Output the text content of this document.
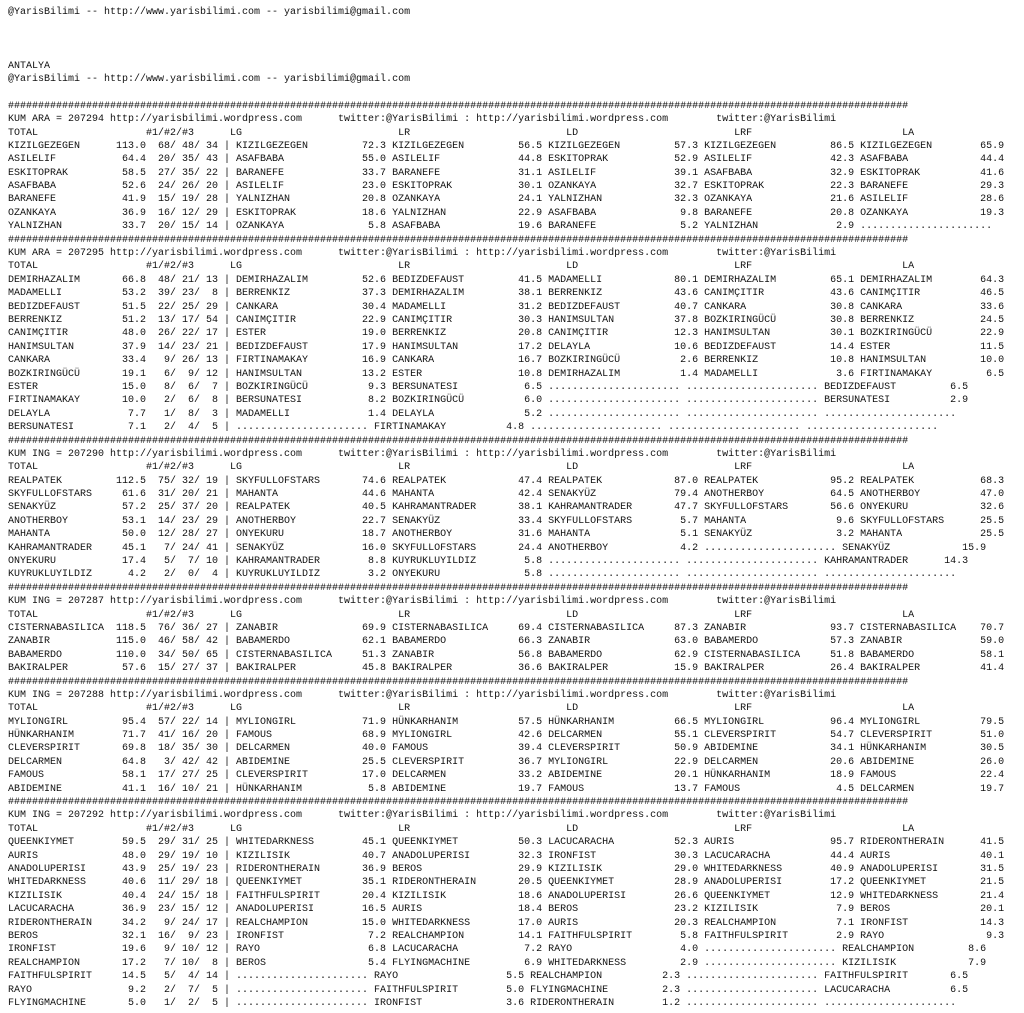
@YarisBilimi -- http://www.yarisbilimi.com -- yarisbilimi@gmail.com

ANTALYA
@YarisBilimi -- http://www.yarisbilimi.com -- yarisbilimi@gmail.com

######################################################################################################################################################
KUM ARA = 207294 http://yarisbilimi.wordpress.com      twitter:@YarisBilimi : http://yarisbilimi.wordpress.com        twitter:@YarisBilimi
TOTAL                  #1/#2/#3      LG                          LR                          LD                          LRF                         LA
KIZILGEZEGEN      113.0  68/ 48/ 34 | KIZILGEZEGEN         72.3 KIZILGEZEGEN         56.5 KIZILGEZEGEN         57.3 KIZILGEZEGEN         86.5 KIZILGEZEGEN        65.9
ASILELIF           64.4  20/ 35/ 43 | ASAFBABA             55.0 ASILELIF             44.8 ESKITOPRAK           52.9 ASILELIF             42.3 ASAFBABA            44.4
ESKITOPRAK         58.5  27/ 35/ 22 | BARANEFE             33.7 BARANEFE             31.1 ASILELIF             39.1 ASAFBABA             32.9 ESKITOPRAK          41.6
ASAFBABA           52.6  24/ 26/ 20 | ASILELIF             23.0 ESKITOPRAK           30.1 OZANKAYA             32.7 ESKITOPRAK           22.3 BARANEFE            29.3
BARANEFE           41.9  15/ 19/ 28 | YALNIZHAN            20.8 OZANKAYA             24.1 YALNIZHAN            32.3 OZANKAYA             21.6 ASILELIF            28.6
OZANKAYA           36.9  16/ 12/ 29 | ESKITOPRAK           18.6 YALNIZHAN            22.9 ASAFBABA              9.8 BARANEFE             20.8 OZANKAYA            19.3
YALNIZHAN          33.7  20/ 15/ 14 | OZANKAYA              5.8 ASAFBABA             19.6 BARANEFE              5.2 YALNIZHAN             2.9 ......................
######################################################################################################################################################
KUM ARA = 207295 http://yarisbilimi.wordpress.com      twitter:@YarisBilimi : http://yarisbilimi.wordpress.com        twitter:@YarisBilimi
TOTAL                  #1/#2/#3      LG                          LR                          LD                          LRF                         LA
DEMIRHAZALIM       66.8  48/ 21/ 13 | DEMIRHAZALIM         52.6 BEDIZDEFAUST         41.5 MADAMELLI            80.1 DEMIRHAZALIM         65.1 DEMIRHAZALIM        64.3
MADAMELLI          53.2  39/ 23/  8 | BERRENKIZ            37.3 DEMIRHAZALIM         38.1 BERRENKIZ            43.6 CANIMÇITIR           43.6 CANIMÇITIR          46.5
BEDIZDEFAUST       51.5  22/ 25/ 29 | CANKARA              30.4 MADAMELLI            31.2 BEDIZDEFAUST         40.7 CANKARA              30.8 CANKARA             33.6
BERRENKIZ          51.2  13/ 17/ 54 | CANIMÇITIR           22.9 CANIMÇITIR           30.3 HANIMSULTAN          37.8 BOZKIRINGÜCÜ         30.8 BERRENKIZ           24.5
CANIMÇITIR         48.0  26/ 22/ 17 | ESTER                19.0 BERRENKIZ            20.8 CANIMÇITIR           12.3 HANIMSULTAN          30.1 BOZKIRINGÜCÜ        22.9
HANIMSULTAN        37.9  14/ 23/ 21 | BEDIZDEFAUST         17.9 HANIMSULTAN          17.2 DELAYLA              10.6 BEDIZDEFAUST         14.4 ESTER               11.5
CANKARA            33.4   9/ 26/ 13 | FIRTINAMAKAY         16.9 CANKARA              16.7 BOZKIRINGÜCÜ          2.6 BERRENKIZ            10.8 HANIMSULTAN         10.0
BOZKIRINGÜCÜ       19.1   6/  9/ 12 | HANIMSULTAN          13.2 ESTER                10.8 DEMIRHAZALIM          1.4 MADAMELLI             3.6 FIRTINAMAKAY         6.5
ESTER              15.0   8/  6/  7 | BOZKIRINGÜCÜ          9.3 BERSUNATESI           6.5 ...................... ...................... BEDIZDEFAUST         6.5
FIRTINAMAKAY       10.0   2/  6/  8 | BERSUNATESI           8.2 BOZKIRINGÜCÜ          6.0 ...................... ...................... BERSUNATESI          2.9
DELAYLA             7.7   1/  8/  3 | MADAMELLI             1.4 DELAYLA               5.2 ...................... ...................... ......................
BERSUNATESI         7.1   2/  4/  5 | ...................... FIRTINAMAKAY          4.8 ...................... ...................... ......................
######################################################################################################################################################
KUM ING = 207290 http://yarisbilimi.wordpress.com      twitter:@YarisBilimi : http://yarisbilimi.wordpress.com        twitter:@YarisBilimi
TOTAL                  #1/#2/#3      LG                          LR                          LD                          LRF                         LA
REALPATEK         112.5  75/ 32/ 19 | SKYFULLOFSTARS       74.6 REALPATEK            47.4 REALPATEK            87.0 REALPATEK            95.2 REALPATEK           68.3
SKYFULLOFSTARS     61.6  31/ 20/ 21 | MAHANTA              44.6 MAHANTA              42.4 SENAKYÜZ             79.4 ANOTHERBOY           64.5 ANOTHERBOY          47.0
SENAKYÜZ           57.2  25/ 37/ 20 | REALPATEK            40.5 KAHRAMANTRADER       38.1 KAHRAMANTRADER       47.7 SKYFULLOFSTARS       56.6 ONYEKURU            32.6
ANOTHERBOY         53.1  14/ 23/ 29 | ANOTHERBOY           22.7 SENAKYÜZ             33.4 SKYFULLOFSTARS        5.7 MAHANTA               9.6 SKYFULLOFSTARS      25.5
MAHANTA            50.0  12/ 28/ 27 | ONYEKURU             18.7 ANOTHERBOY           31.6 MAHANTA               5.1 SENAKYÜZ              3.2 MAHANTA             25.5
KAHRAMANTRADER     45.1   7/ 24/ 41 | SENAKYÜZ             16.0 SKYFULLOFSTARS       24.4 ANOTHERBOY            4.2 ...................... SENAKYÜZ            15.9
ONYEKURU           17.4   5/  7/ 10 | KAHRAMANTRADER        8.8 KUYRUKLUYILDIZ        5.8 ...................... ...................... KAHRAMANTRADER      14.3
KUYRUKLUYILDIZ      4.2   2/  0/  4 | KUYRUKLUYILDIZ        3.2 ONYEKURU              5.8 ...................... ...................... ......................
######################################################################################################################################################
KUM ING = 207287 http://yarisbilimi.wordpress.com      twitter:@YarisBilimi : http://yarisbilimi.wordpress.com        twitter:@YarisBilimi
TOTAL                  #1/#2/#3      LG                          LR                          LD                          LRF                         LA
CISTERNABASILICA  118.5  76/ 36/ 27 | ZANABIR              69.9 CISTERNABASILICA     69.4 CISTERNABASILICA     87.3 ZANABIR              93.7 CISTERNABASILICA    70.7
ZANABIR           115.0  46/ 58/ 42 | BABAMERDO            62.1 BABAMERDO            66.3 ZANABIR              63.0 BABAMERDO            57.3 ZANABIR             59.0
BABAMERDO         110.0  34/ 50/ 65 | CISTERNABASILICA     51.3 ZANABIR              56.8 BABAMERDO            62.9 CISTERNABASILICA     51.8 BABAMERDO           58.1
BAKIRALPER         57.6  15/ 27/ 37 | BAKIRALPER           45.8 BAKIRALPER           36.6 BAKIRALPER           15.9 BAKIRALPER           26.4 BAKIRALPER          41.4
######################################################################################################################################################
KUM ING = 207288 http://yarisbilimi.wordpress.com      twitter:@YarisBilimi : http://yarisbilimi.wordpress.com        twitter:@YarisBilimi
TOTAL                  #1/#2/#3      LG                          LR                          LD                          LRF                         LA
MYLIONGIRL         95.4  57/ 22/ 14 | MYLIONGIRL           71.9 HÜNKARHANIM          57.5 HÜNKARHANIM          66.5 MYLIONGIRL           96.4 MYLIONGIRL          79.5
HÜNKARHANIM        71.7  41/ 16/ 20 | FAMOUS               68.9 MYLIONGIRL           42.6 DELCARMEN            55.1 CLEVERSPIRIT         54.7 CLEVERSPIRIT        51.0
CLEVERSPIRIT       69.8  18/ 35/ 30 | DELCARMEN            40.0 FAMOUS               39.4 CLEVERSPIRIT         50.9 ABIDEMINE            34.1 HÜNKARHANIM         30.5
DELCARMEN          64.8   3/ 42/ 42 | ABIDEMINE            25.5 CLEVERSPIRIT         36.7 MYLIONGIRL           22.9 DELCARMEN            20.6 ABIDEMINE           26.0
FAMOUS             58.1  17/ 27/ 25 | CLEVERSPIRIT         17.0 DELCARMEN            33.2 ABIDEMINE            20.1 HÜNKARHANIM          18.9 FAMOUS              22.4
ABIDEMINE          41.1  16/ 10/ 21 | HÜNKARHANIM           5.8 ABIDEMINE            19.7 FAMOUS               13.7 FAMOUS                4.5 DELCARMEN           19.7
######################################################################################################################################################
KUM ING = 207292 http://yarisbilimi.wordpress.com      twitter:@YarisBilimi : http://yarisbilimi.wordpress.com        twitter:@YarisBilimi
TOTAL                  #1/#2/#3      LG                          LR                          LD                          LRF                         LA
QUEENKIYMET        59.5  29/ 31/ 25 | WHITEDARKNESS        45.1 QUEENKIYMET          50.3 LACUCARACHA          52.3 AURIS                95.7 RIDERONTHERAIN      41.5
AURIS              48.0  29/ 19/ 10 | KIZILISIK            40.7 ANADOLUPERISI        32.3 IRONFIST             30.3 LACUCARACHA          44.4 AURIS               40.1
ANADOLUPERISI      43.9  25/ 19/ 23 | RIDERONTHERAIN       36.9 BEROS                29.9 KIZILISIK            29.0 WHITEDARKNESS        40.9 ANADOLUPERISI       31.5
WHITEDARKNESS      40.6  11/ 29/ 18 | QUEENKIYMET          35.1 RIDERONTHERAIN       20.5 QUEENKIYMET          28.9 ANADOLUPERISI        17.2 QUEENKIYMET         21.5
KIZILISIK          40.4  24/ 15/ 18 | FAITHFULSPIRIT       20.4 KIZILISIK            18.6 ANADOLUPERISI        26.6 QUEENKIYMET          12.9 WHITEDARKNESS       21.4
LACUCARACHA        36.9  23/ 15/ 12 | ANADOLUPERISI        16.5 AURIS                18.4 BEROS                23.2 KIZILISIK             7.9 BEROS               20.1
RIDERONTHERAIN     34.2   9/ 24/ 17 | REALCHAMPION         15.0 WHITEDARKNESS        17.0 AURIS                20.3 REALCHAMPION          7.1 IRONFIST            14.3
BEROS              32.1  16/  9/ 23 | IRONFIST              7.2 REALCHAMPION         14.1 FAITHFULSPIRIT        5.8 FAITHFULSPIRIT        2.9 RAYO                 9.3
IRONFIST           19.6   9/ 10/ 12 | RAYO                  6.8 LACUCARACHA           7.2 RAYO                  4.0 ...................... REALCHAMPION         8.6
REALCHAMPION       17.2   7/ 10/  8 | BEROS                 5.4 FLYINGMACHINE         6.9 WHITEDARKNESS         2.9 ...................... KIZILISIK            7.9
FAITHFULSPIRIT     14.5   5/  4/ 14 | ...................... RAYO                  5.5 REALCHAMPION          2.3 ...................... FAITHFULSPIRIT       6.5
RAYO                9.2   2/  7/  5 | ...................... FAITHFULSPIRIT        5.0 FLYINGMACHINE         2.3 ...................... LACUCARACHA          6.5
FLYINGMACHINE       5.0   1/  2/  5 | ...................... IRONFIST              3.6 RIDERONTHERAIN        1.2 ...................... ......................
